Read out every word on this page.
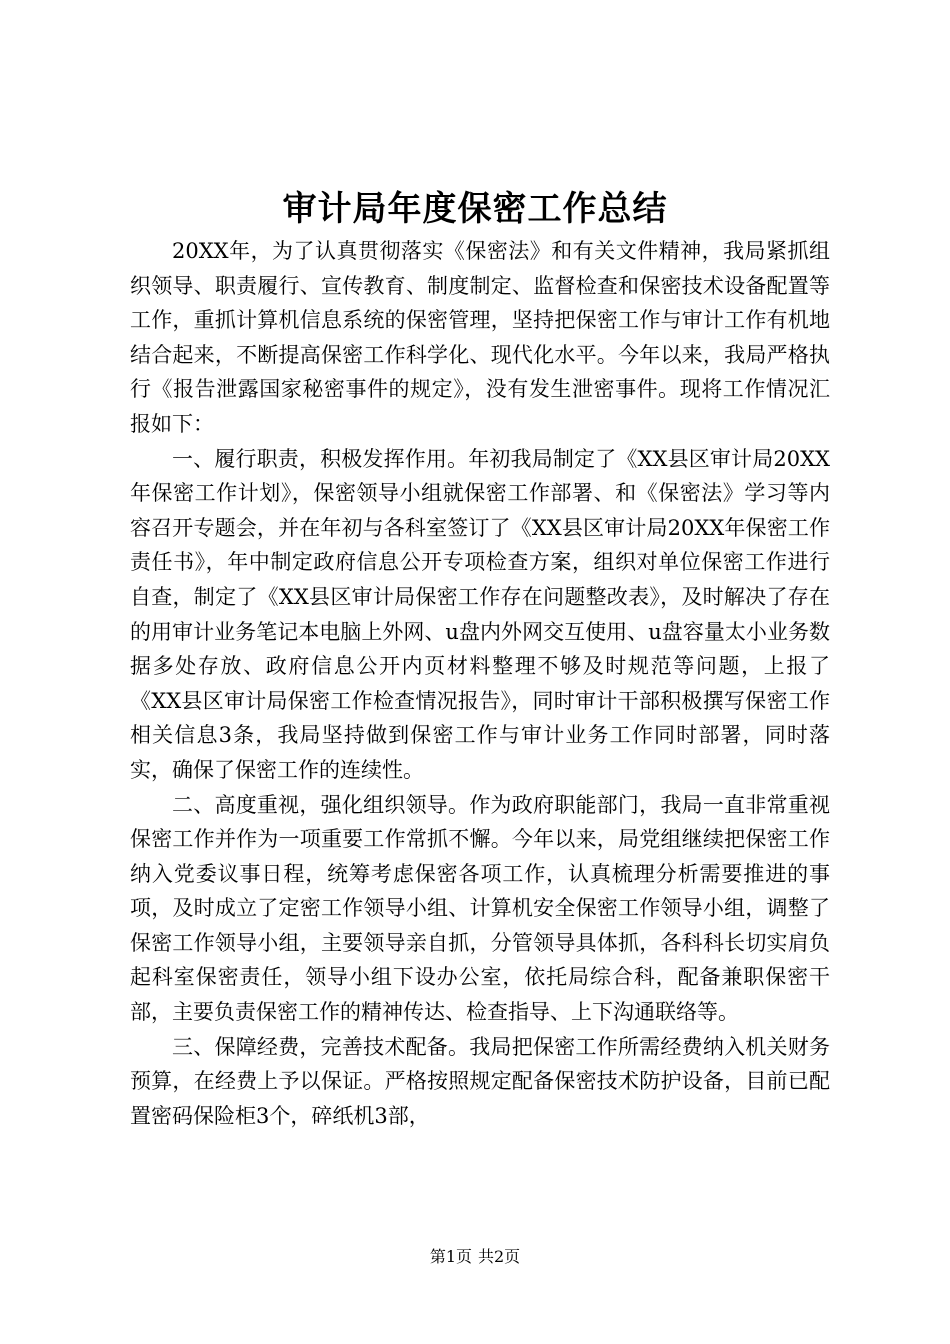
审计局年度保密工作总结

20XX年，为了认真贯彻落实《保密法》和有关文件精神，我局紧抓组织领导、职责履行、宣传教育、制度制定、监督检查和保密技术设备配置等工作，重抓计算机信息系统的保密管理，坚持把保密工作与审计工作有机地结合起来，不断提高保密工作科学化、现代化水平。今年以来，我局严格执行《报告泄露国家秘密事件的规定》，没有发生泄密事件。现将工作情况汇报如下：

一、履行职责，积极发挥作用。年初我局制定了《XX县区审计局20XX年保密工作计划》，保密领导小组就保密工作部署、和《保密法》学习等内容召开专题会，并在年初与各科室签订了《XX县区审计局20XX年保密工作责任书》，年中制定政府信息公开专项检查方案，组织对单位保密工作进行自查，制定了《XX县区审计局保密工作存在问题整改表》，及时解决了存在的用审计业务笔记本电脑上外网、u盘内外网交互使用、u盘容量太小业务数据多处存放、政府信息公开内页材料整理不够及时规范等问题，上报了《XX县区审计局保密工作检查情况报告》，同时审计干部积极撰写保密工作相关信息3条，我局坚持做到保密工作与审计业务工作同时部署，同时落实，确保了保密工作的连续性。

二、高度重视，强化组织领导。作为政府职能部门，我局一直非常重视保密工作并作为一项重要工作常抓不懈。今年以来，局党组继续把保密工作纳入党委议事日程，统筹考虑保密各项工作，认真梳理分析需要推进的事项，及时成立了定密工作领导小组、计算机安全保密工作领导小组，调整了保密工作领导小组，主要领导亲自抓，分管领导具体抓，各科科长切实肩负起科室保密责任，领导小组下设办公室，依托局综合科，配备兼职保密干部，主要负责保密工作的精神传达、检查指导、上下沟通联络等。

三、保障经费，完善技术配备。我局把保密工作所需经费纳入机关财务预算，在经费上予以保证。严格按照规定配备保密技术防护设备，目前已配置密码保险柜3个，碎纸机3部，

第1页 共2页
